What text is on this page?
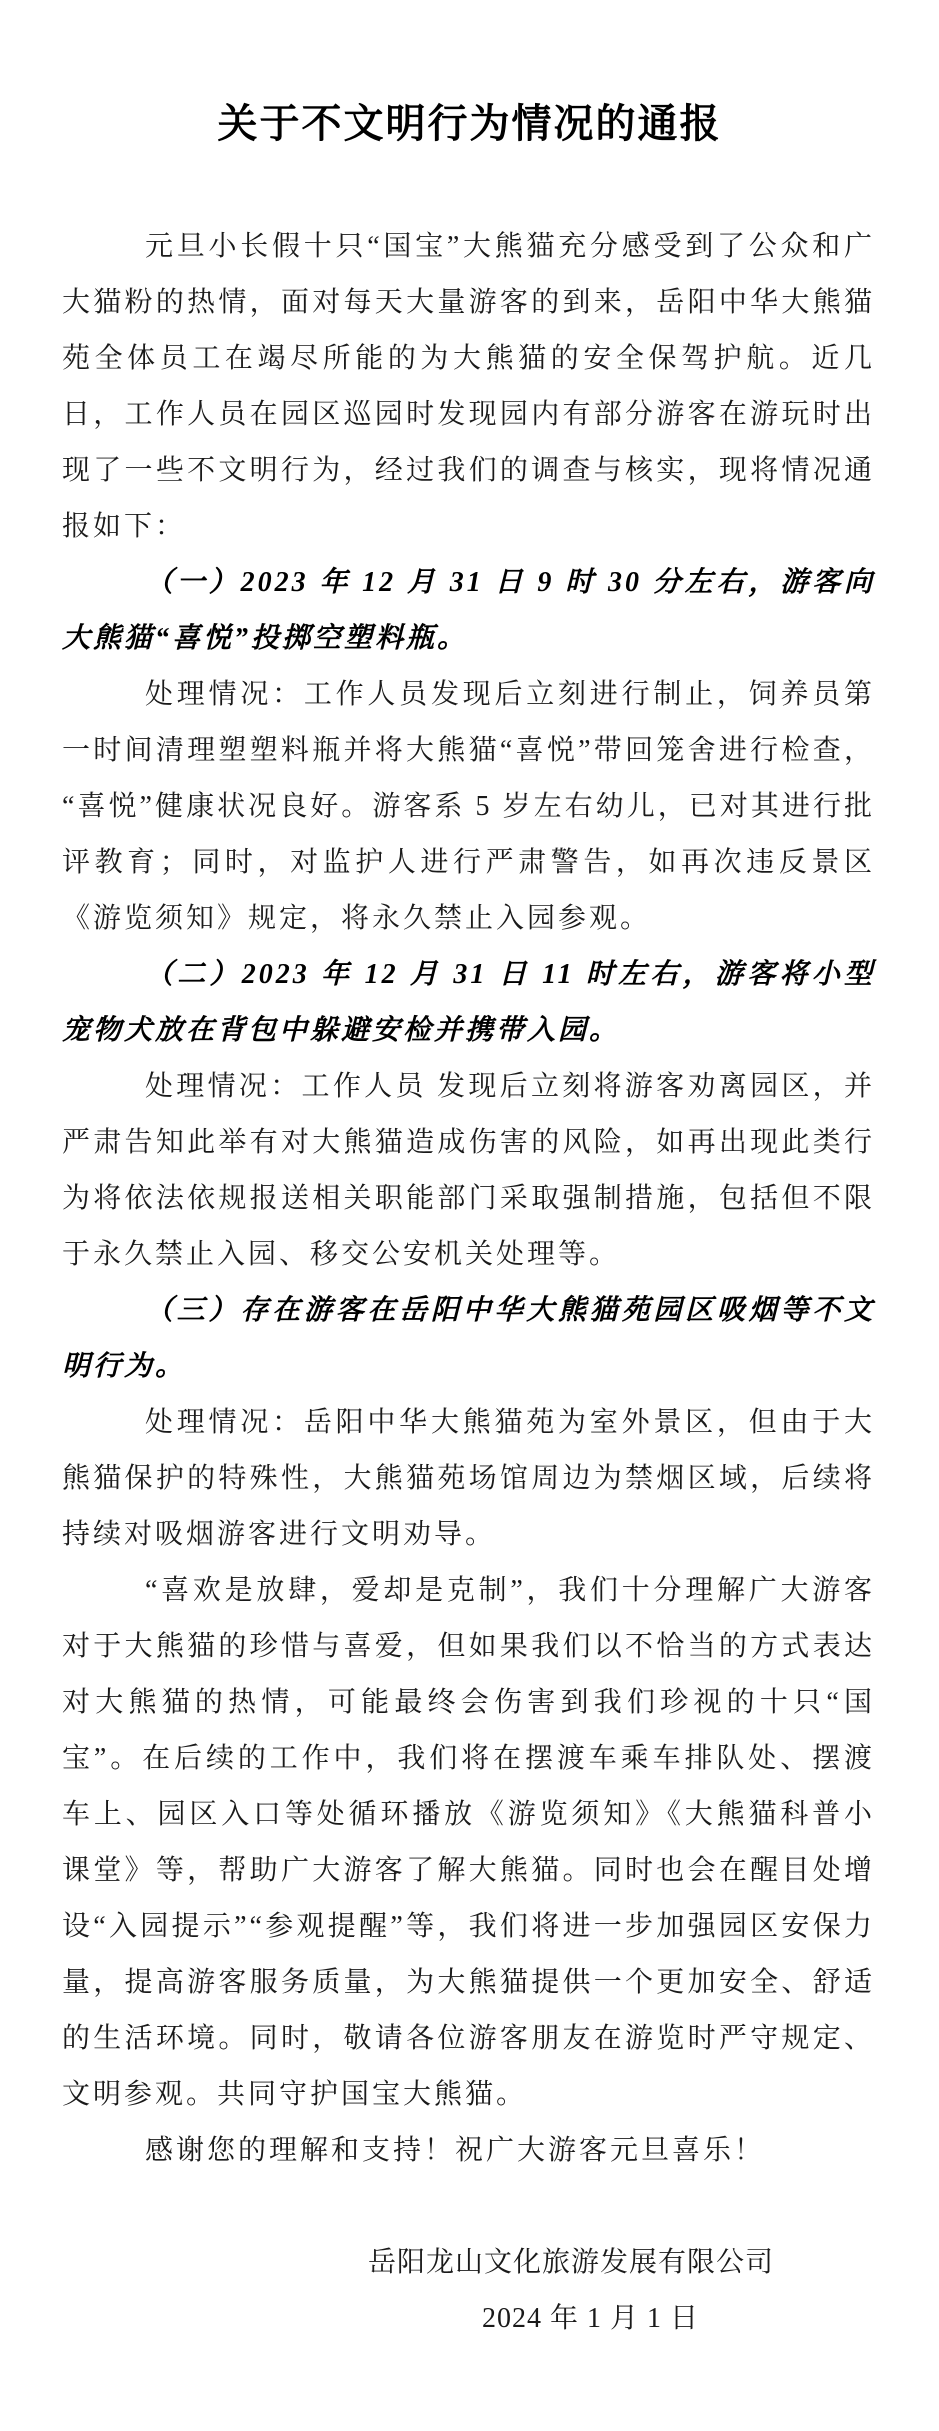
关于不文明行为情况的通报

元旦小长假十只“国宝”大熊猫充分感受到了公众和广大猫粉的热情，面对每天大量游客的到来，岳阳中华大熊猫苑全体员工在竭尽所能的为大熊猫的安全保驾护航。近几日，工作人员在园区巡园时发现园内有部分游客在游玩时出现了一些不文明行为，经过我们的调查与核实，现将情况通报如下：

（一）2023 年 12 月 31 日 9 时 30 分左右，游客向大熊猫“喜悦”投掷空塑料瓶。

处理情况：工作人员发现后立刻进行制止，饲养员第一时间清理塑塑料瓶并将大熊猫“喜悦”带回笼舍进行检查，“喜悦”健康状况良好。游客系 5 岁左右幼儿，已对其进行批评教育；同时，对监护人进行严肃警告，如再次违反景区《游览须知》规定，将永久禁止入园参观。

（二）2023 年 12 月 31 日 11 时左右，游客将小型宠物犬放在背包中躲避安检并携带入园。

处理情况：工作人员 发现后立刻将游客劝离园区，并严肃告知此举有对大熊猫造成伤害的风险，如再出现此类行为将依法依规报送相关职能部门采取强制措施，包括但不限于永久禁止入园、移交公安机关处理等。

（三）存在游客在岳阳中华大熊猫苑园区吸烟等不文明行为。

处理情况：岳阳中华大熊猫苑为室外景区，但由于大熊猫保护的特殊性，大熊猫苑场馆周边为禁烟区域，后续将持续对吸烟游客进行文明劝导。

“喜欢是放肆，爱却是克制”，我们十分理解广大游客对于大熊猫的珍惜与喜爱，但如果我们以不恰当的方式表达对大熊猫的热情，可能最终会伤害到我们珍视的十只“国宝”。在后续的工作中，我们将在摆渡车乘车排队处、摆渡车上、园区入口等处循环播放《游览须知》《大熊猫科普小课堂》等，帮助广大游客了解大熊猫。同时也会在醒目处增设“入园提示”“参观提醒”等，我们将进一步加强园区安保力量，提高游客服务质量，为大熊猫提供一个更加安全、舒适的生活环境。同时，敬请各位游客朋友在游览时严守规定、文明参观。共同守护国宝大熊猫。

感谢您的理解和支持！祝广大游客元旦喜乐！

岳阳龙山文化旅游发展有限公司

2024 年 1 月 1 日
